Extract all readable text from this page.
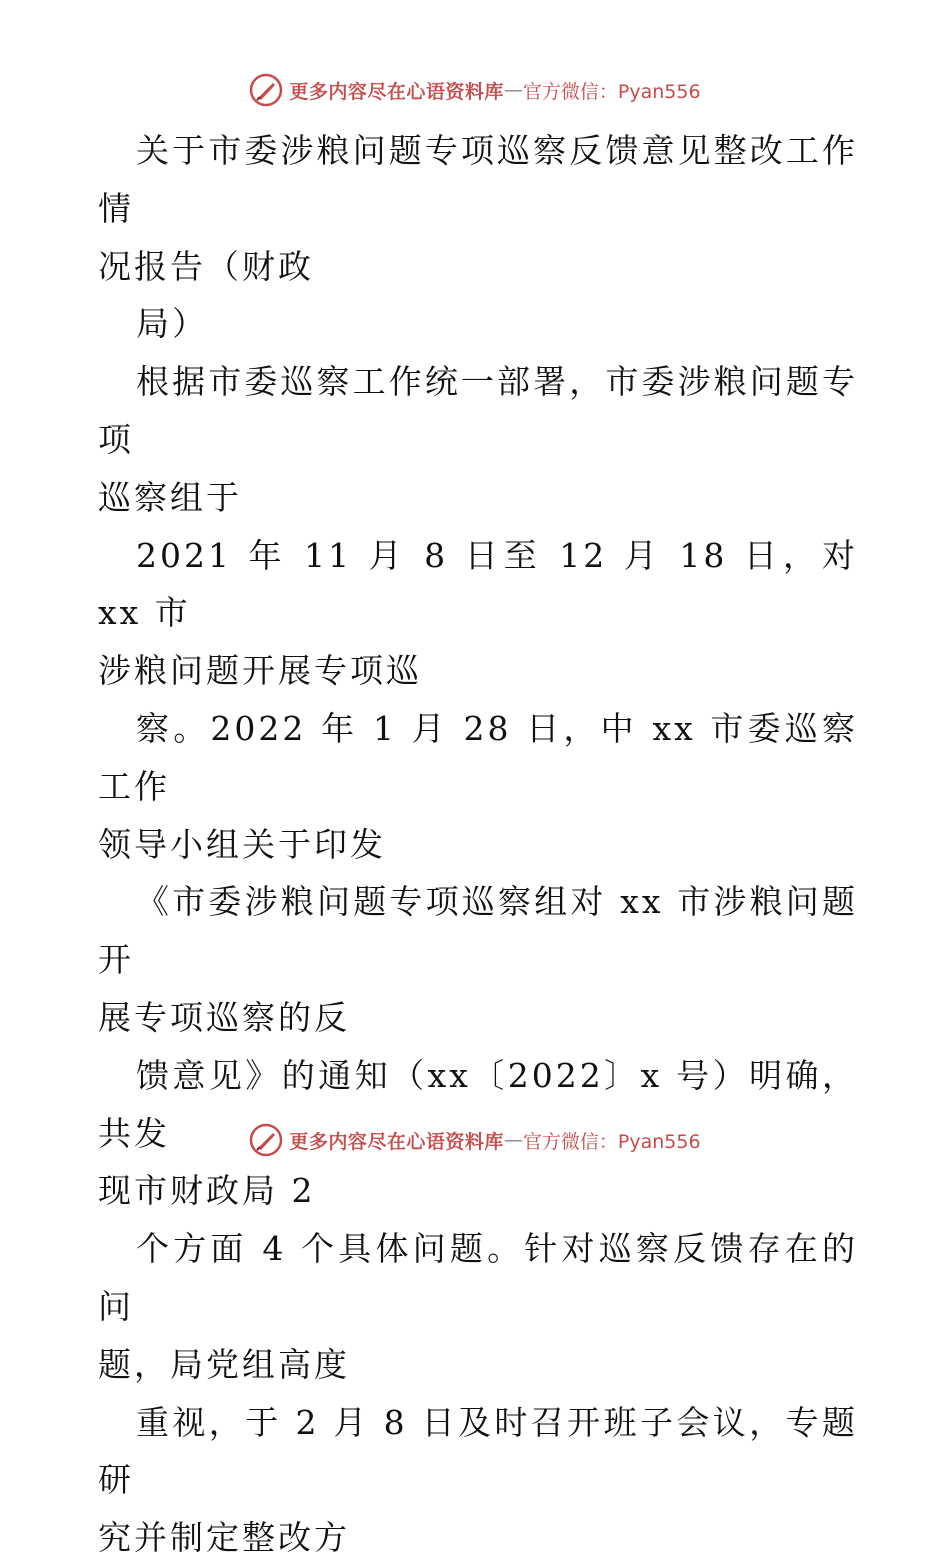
更多内容尽在心语资料库 — 官方微信：Pyan556
关于市委涉粮问题专项巡察反馈意见整改工作情
况报告（财政
局）
根据市委巡察工作统一部署，市委涉粮问题专项
巡察组于
2021 年 11 月 8 日至 12 月 18 日，对 xx 市
涉粮问题开展专项巡
察。2022 年 1 月 28 日，中 xx 市委巡察工作
领导小组关于印发
《市委涉粮问题专项巡察组对 xx 市涉粮问题开
展专项巡察的反
馈意见》的通知（xx〔2022〕x 号）明确，共发
现市财政局 2
个方面 4 个具体问题。针对巡察反馈存在的问
题，局党组高度
重视，于 2 月 8 日及时召开班子会议，专题研
究并制定整改方
更多内容尽在心语资料库 — 官方微信：Pyan556
